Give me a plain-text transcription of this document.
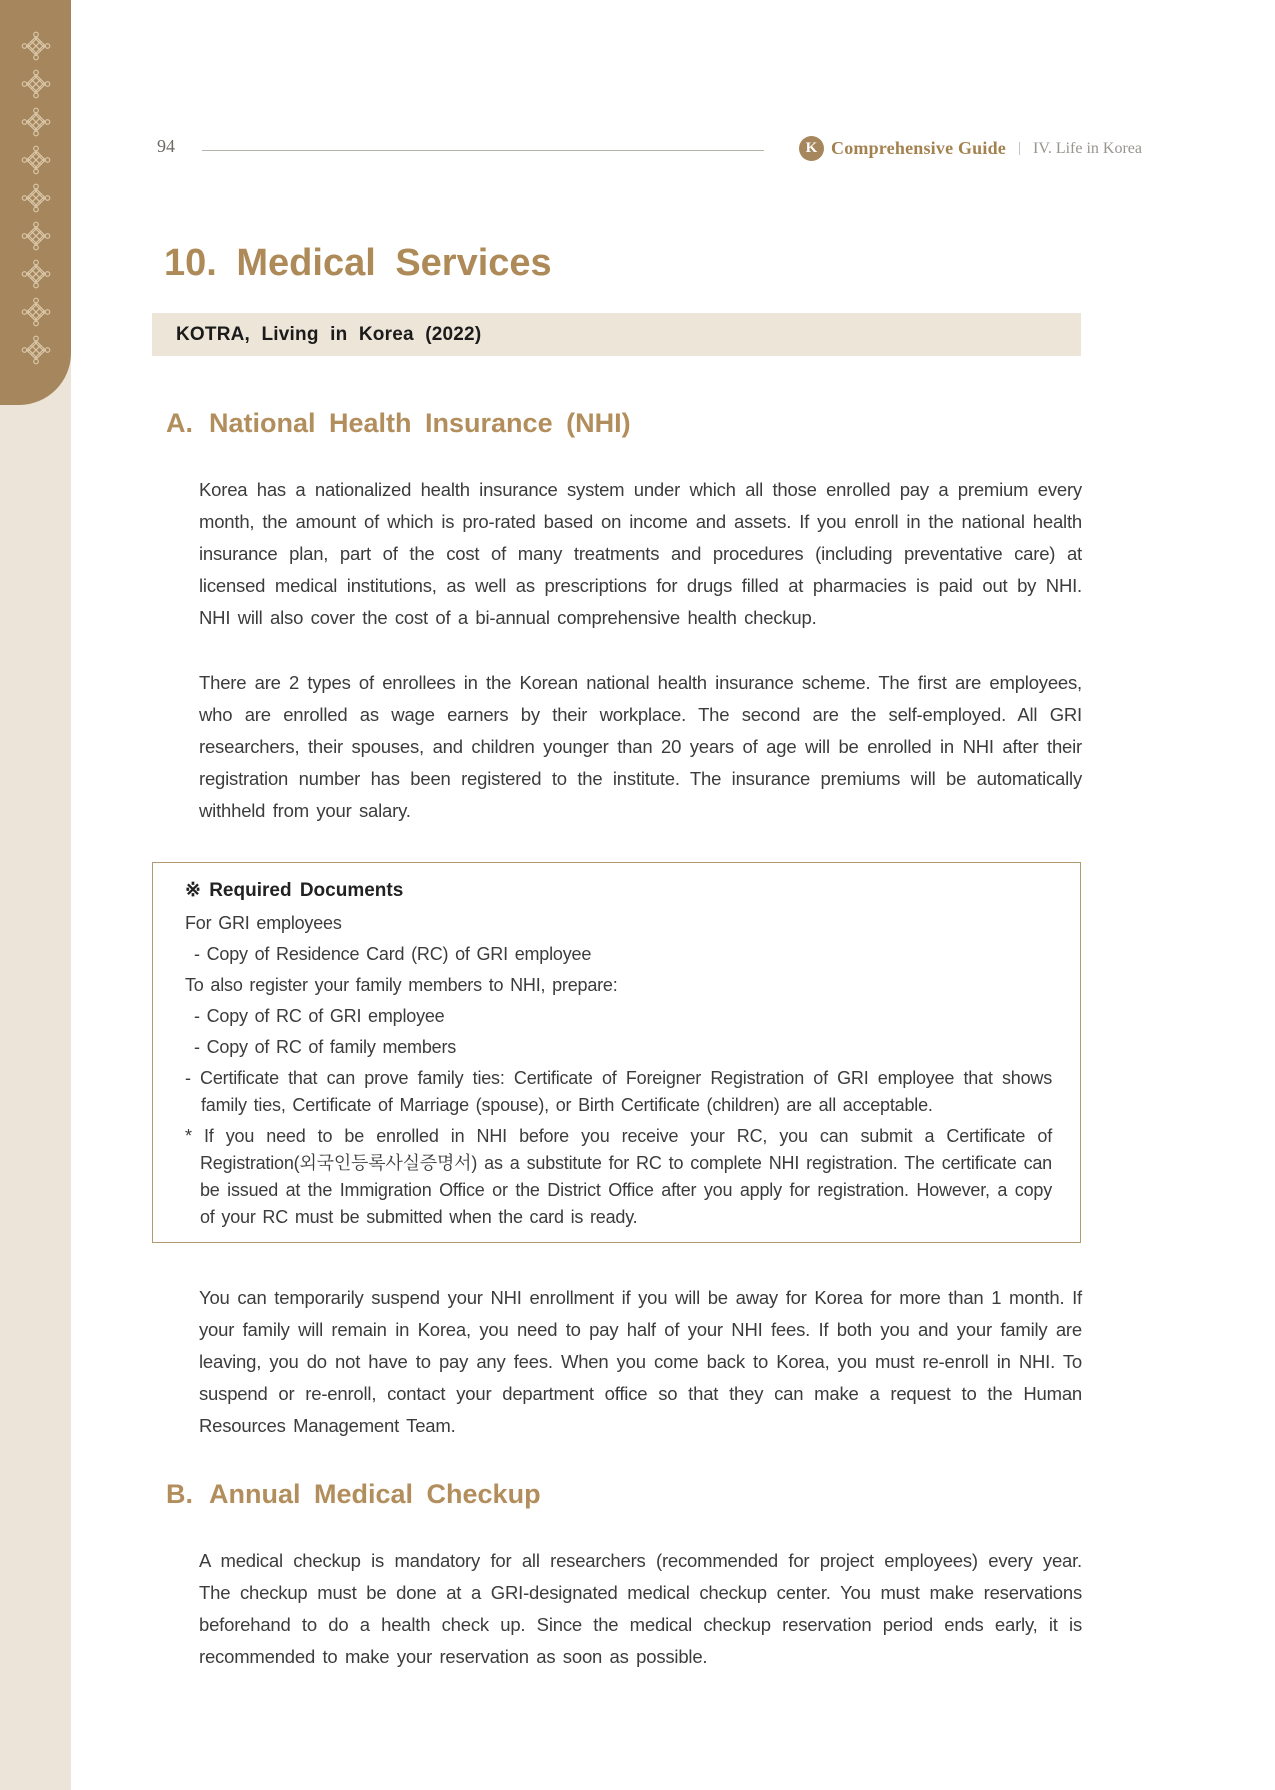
94	K Comprehensive Guide | IV. Life in Korea
10. Medical Services
KOTRA, Living in Korea (2022)
A. National Health Insurance (NHI)
Korea has a nationalized health insurance system under which all those enrolled pay a premium every month, the amount of which is pro-rated based on income and assets. If you enroll in the national health insurance plan, part of the cost of many treatments and procedures (including preventative care) at licensed medical institutions, as well as prescriptions for drugs filled at pharmacies is paid out by NHI. NHI will also cover the cost of a bi-annual comprehensive health checkup.
There are 2 types of enrollees in the Korean national health insurance scheme. The first are employees, who are enrolled as wage earners by their workplace. The second are the self-employed. All GRI researchers, their spouses, and children younger than 20 years of age will be enrolled in NHI after their registration number has been registered to the institute. The insurance premiums will be automatically withheld from your salary.
※ Required Documents
For GRI employees
- Copy of Residence Card (RC) of GRI employee
To also register your family members to NHI, prepare:
- Copy of RC of GRI employee
- Copy of RC of family members
- Certificate that can prove family ties: Certificate of Foreigner Registration of GRI employee that shows family ties, Certificate of Marriage (spouse), or Birth Certificate (children) are all acceptable.
* If you need to be enrolled in NHI before you receive your RC, you can submit a Certificate of Registration(외국인등록사실증명서) as a substitute for RC to complete NHI registration. The certificate can be issued at the Immigration Office or the District Office after you apply for registration. However, a copy of your RC must be submitted when the card is ready.
You can temporarily suspend your NHI enrollment if you will be away for Korea for more than 1 month. If your family will remain in Korea, you need to pay half of your NHI fees. If both you and your family are leaving, you do not have to pay any fees. When you come back to Korea, you must re-enroll in NHI. To suspend or re-enroll, contact your department office so that they can make a request to the Human Resources Management Team.
B. Annual Medical Checkup
A medical checkup is mandatory for all researchers (recommended for project employees) every year. The checkup must be done at a GRI-designated medical checkup center. You must make reservations beforehand to do a health check up. Since the medical checkup reservation period ends early, it is recommended to make your reservation as soon as possible.
